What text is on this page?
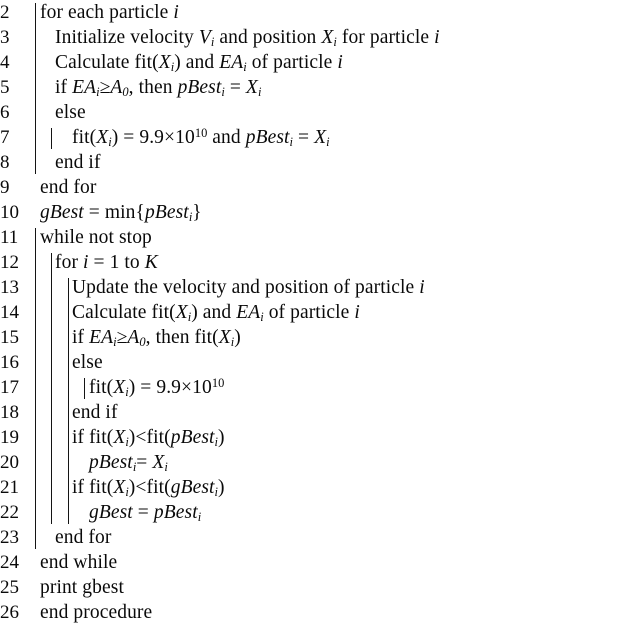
2	for each particle i
3	Initialize velocity $V_i$ and position $X_i$ for particle i
4	Calculate $fit(X_i)$ and $EA_i$ of particle i
5	if $EA_i\ge A_0$, then pBest$_i$ = $X_i$
6	else
7	$fit(X_i) = 9.9\times 10^{10}$ and pBest$_i$ = $X_i$
8	end if
9	end for
10	gBest = min{pBest$_i$}
11	while not stop
12	for i = 1 to K
13	Update the velocity and position of particle i
14	Calculate $fit(X_i)$ and $EA_i$ of particle i
15	if $EA_i\ge A_0$, then $fit(X_i)$
16	else
17	$fit(X_i) = 9.9\times 10^{10}$
18	end if
19	if $fit(X_i)<fit(pBest_i)$
20	pBest$_i$= $X_i$
21	if $fit(X_i)<fit(gBest_i)$
22	gBest = pBest$_i$
23	end for
24	end while
25	print gbest
26	end procedure
